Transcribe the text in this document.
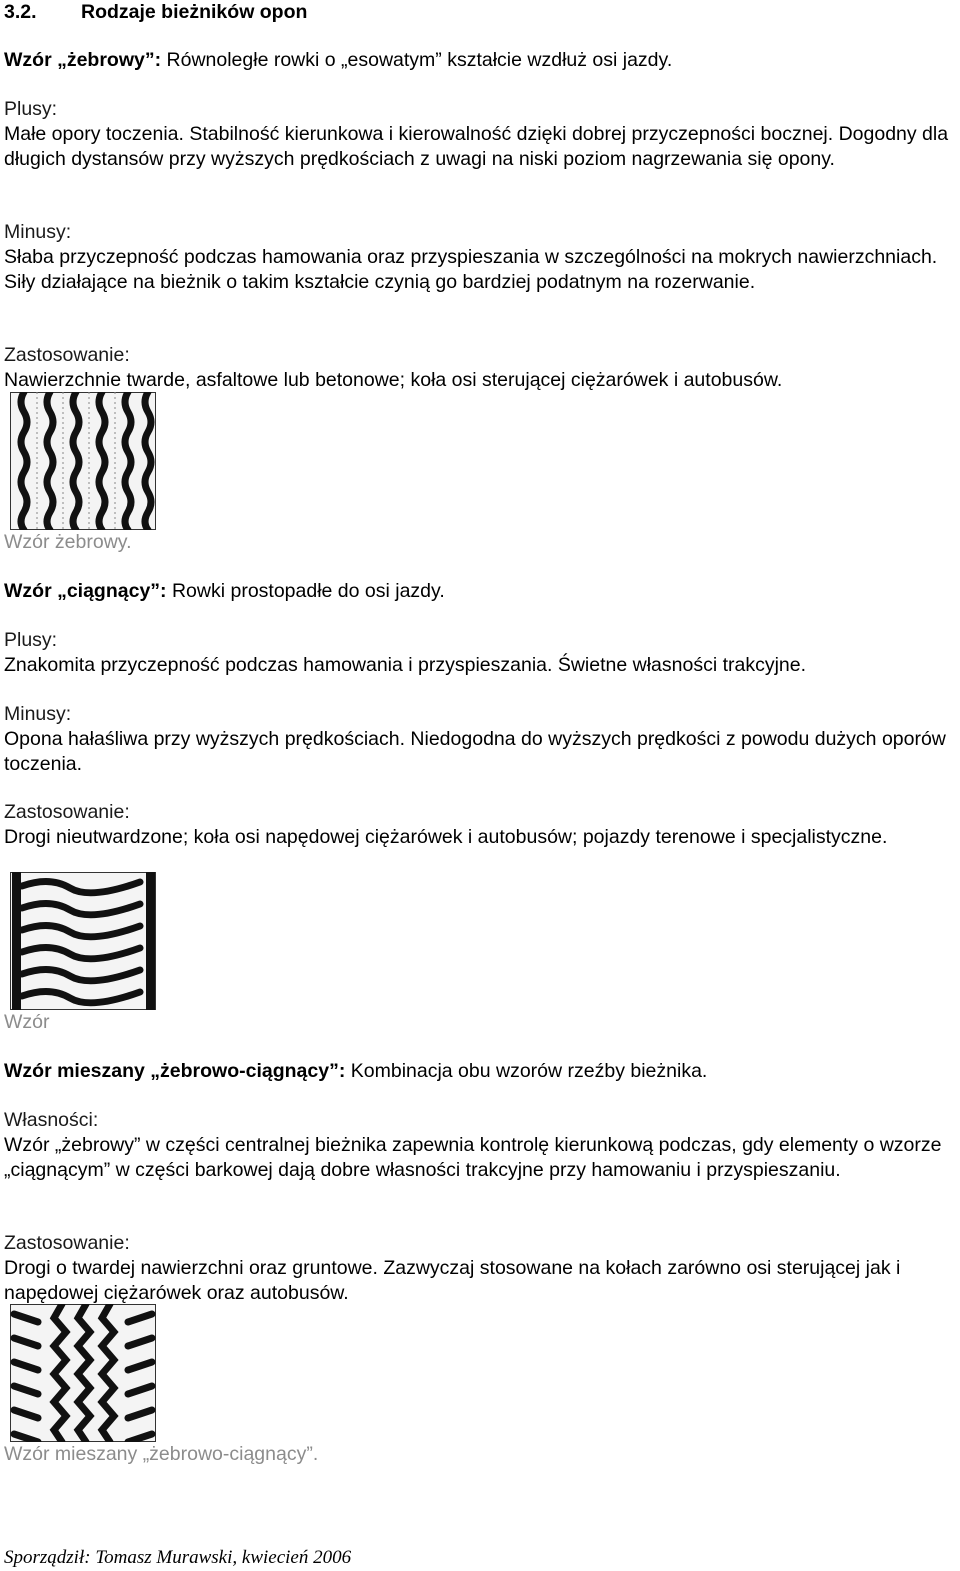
3.2. Rodzaje bieżników opon
Wzór „żebrowy”: Równoległe rowki o „esowatym” kształcie wzdłuż osi jazdy.
Plusy:
Małe opory toczenia. Stabilność kierunkowa i kierowalność dzięki dobrej przyczepności bocznej. Dogodny dla długich dystansów przy wyższych prędkościach z uwagi na niski poziom nagrzewania się opony.
Minusy:
Słaba przyczepność podczas hamowania oraz przyspieszania w szczególności na mokrych nawierzchniach. Siły działające na bieżnik o takim kształcie czynią go bardziej podatnym na rozerwanie.
Zastosowanie:
Nawierzchnie twarde, asfaltowe lub betonowe; koła osi sterującej ciężarówek i autobusów.
Wzór żebrowy.
Wzór „ciągnący”: Rowki prostopadłe do osi jazdy.
Plusy:
Znakomita przyczepność podczas hamowania i przyspieszania. Świetne własności trakcyjne.
Minusy:
Opona hałaśliwa przy wyższych prędkościach. Niedogodna do wyższych prędkości z powodu dużych oporów toczenia.
Zastosowanie:
Drogi nieutwardzone; koła osi napędowej ciężarówek i autobusów; pojazdy terenowe i specjalistyczne.
Wzór
Wzór mieszany „żebrowo-ciągnący”: Kombinacja obu wzorów rzeźby bieżnika.
Własności:
Wzór „żebrowy” w części centralnej bieżnika zapewnia kontrolę kierunkową podczas, gdy elementy o wzorze „ciągnącym” w części barkowej dają dobre własności trakcyjne przy hamowaniu i przyspieszaniu.
Zastosowanie:
Drogi o twardej nawierzchni oraz gruntowe. Zazwyczaj stosowane na kołach zarówno osi sterującej jak i napędowej ciężarówek oraz autobusów.
Wzór mieszany „żebrowo-ciągnący”.
Sporządził: Tomasz Murawski, kwiecień 2006
